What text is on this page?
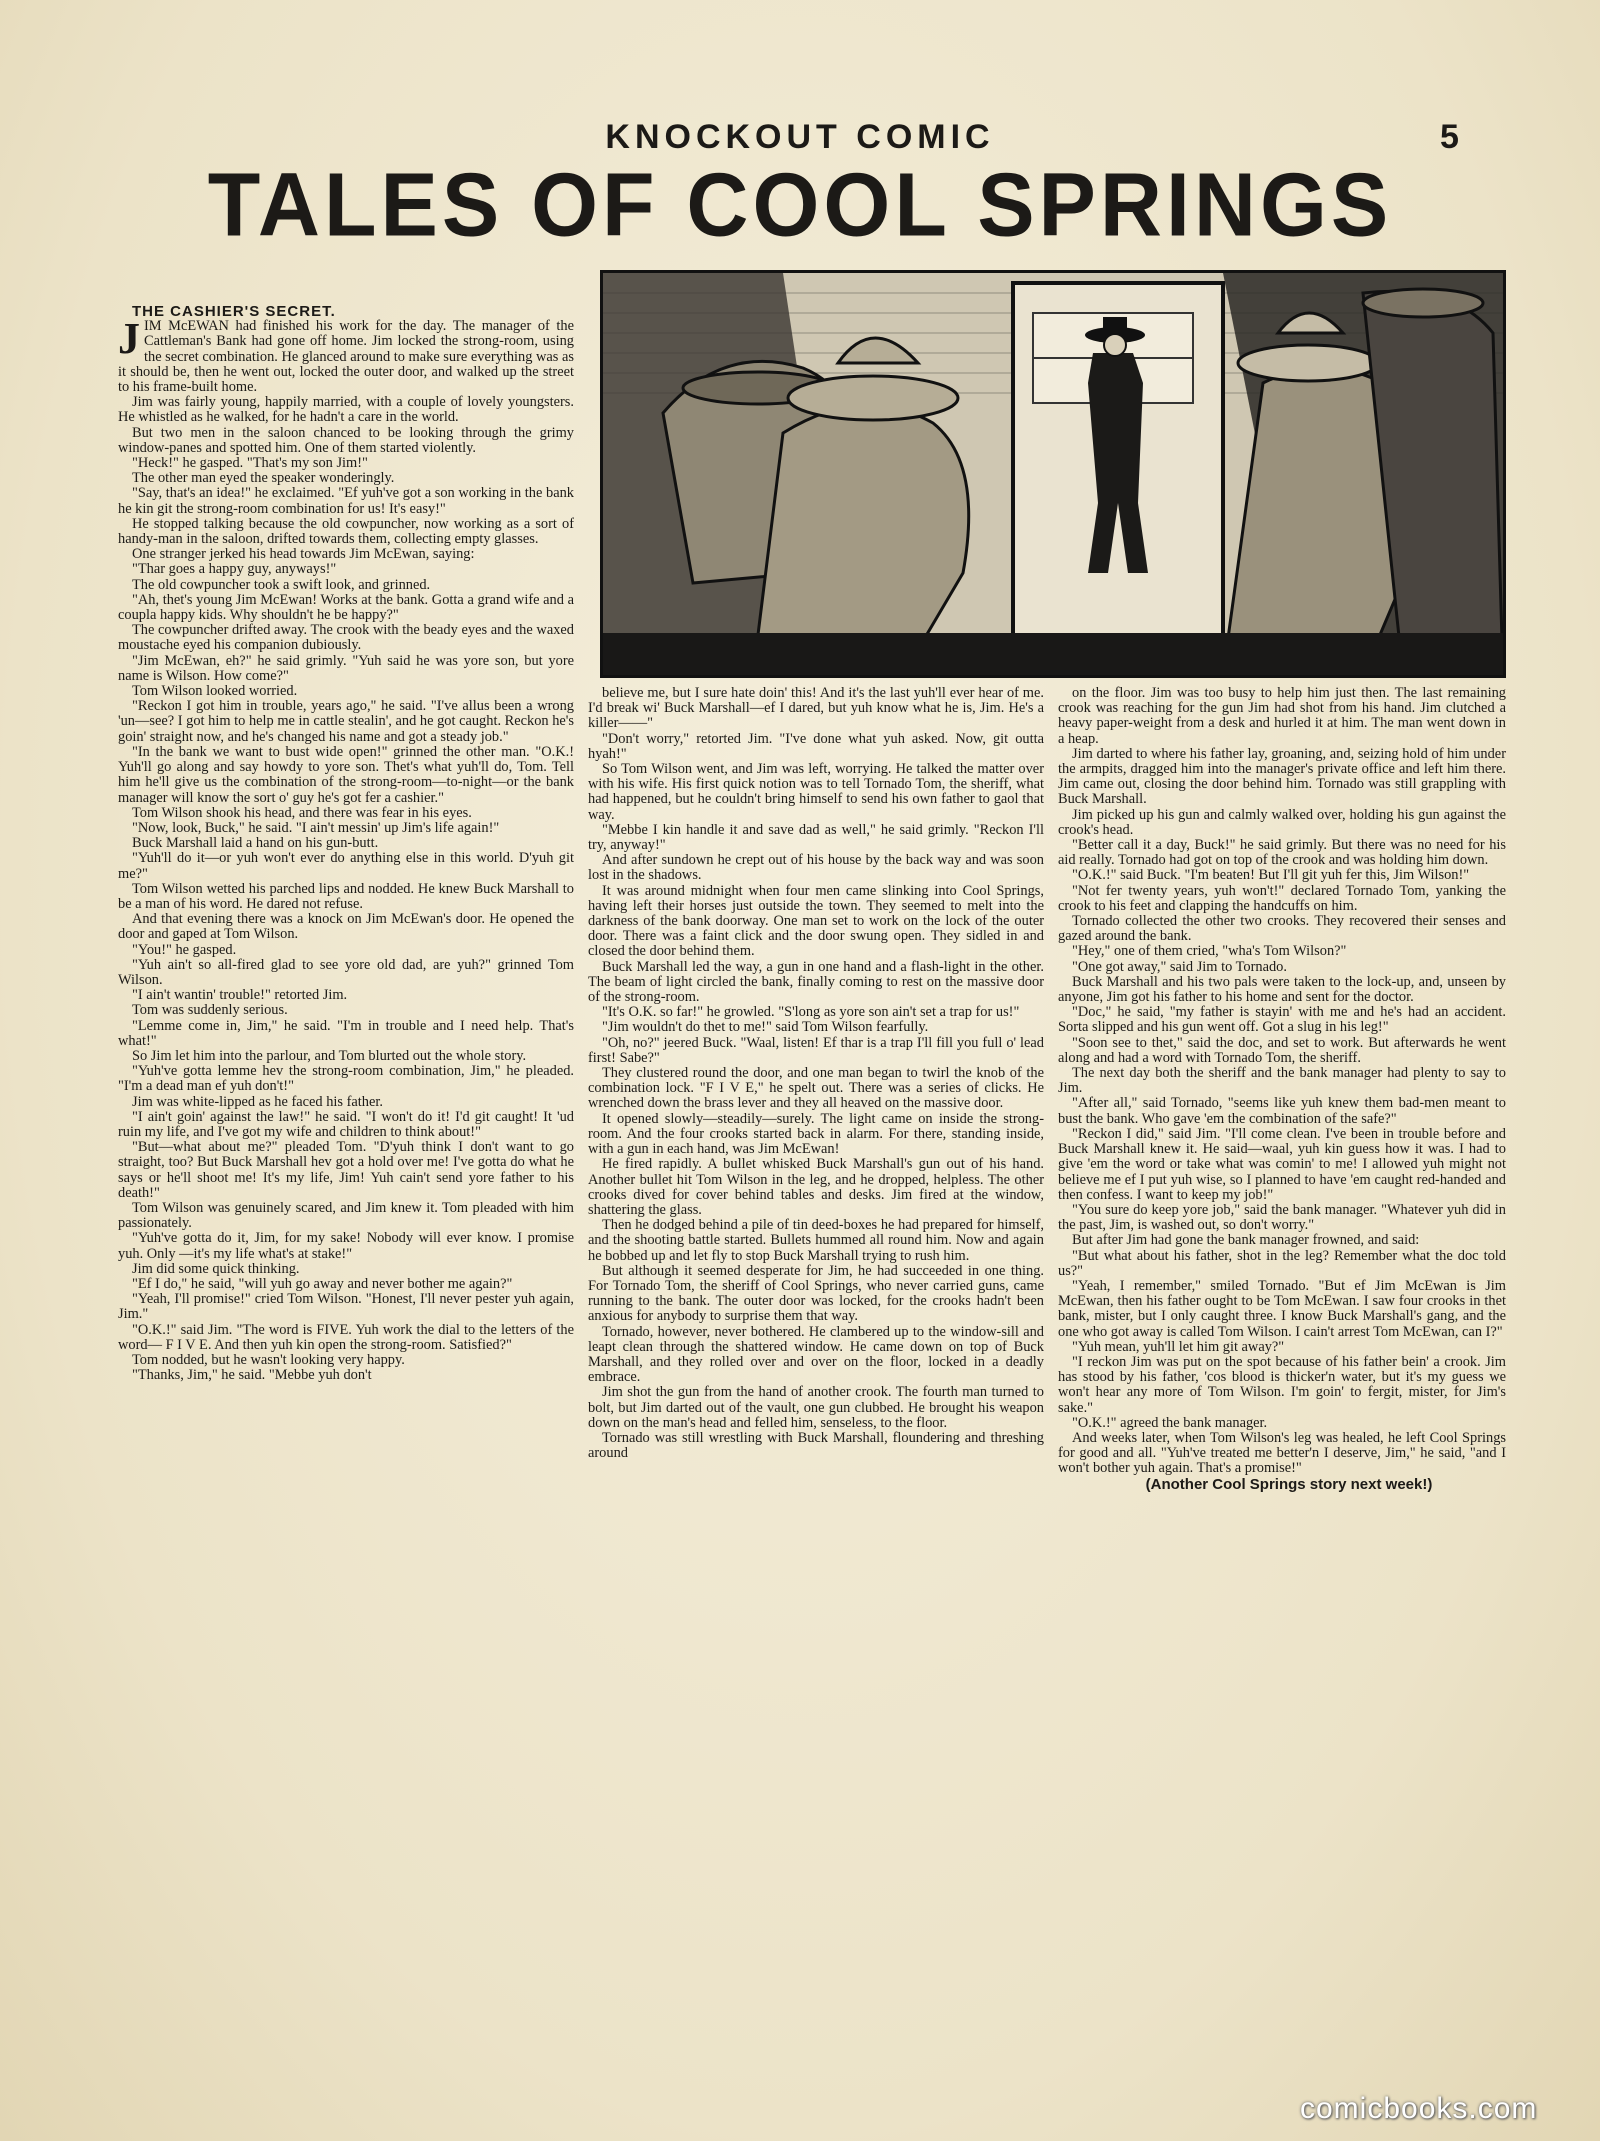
KNOCKOUT COMIC	5
TALES OF COOL SPRINGS

THE CASHIER'S SECRET.

JIM McEWAN had finished his work for the day. The manager of the Cattleman's Bank had gone off home. Jim locked the strong-room, using the secret combination. He glanced around to make sure everything was as it should be, then he went out, locked the outer door, and walked up the street to his frame-built home.

Jim was fairly young, happily married, with a couple of lovely youngsters. He whistled as he walked, for he hadn't a care in the world.

But two men in the saloon chanced to be looking through the grimy window-panes and spotted him. One of them started violently.

"Heck!" he gasped. "That's my son Jim!"

The other man eyed the speaker wonderingly.

"Say, that's an idea!" he exclaimed. "Ef yuh've got a son working in the bank he kin git the strong-room combination for us! It's easy!"

He stopped talking because the old cowpuncher, now working as a sort of handy-man in the saloon, drifted towards them, collecting empty glasses.

One stranger jerked his head towards Jim McEwan, saying:

"Thar goes a happy guy, anyways!"

The old cowpuncher took a swift look, and grinned.

"Ah, thet's young Jim McEwan! Works at the bank. Gotta a grand wife and a coupla happy kids. Why shouldn't he be happy?"

The cowpuncher drifted away. The crook with the beady eyes and the waxed moustache eyed his companion dubiously.

"Jim McEwan, eh?" he said grimly. "Yuh said he was yore son, but yore name is Wilson. How come?"

Tom Wilson looked worried.

"Reckon I got him in trouble, years ago," he said. "I've allus been a wrong 'un—see? I got him to help me in cattle stealin', and he got caught. Reckon he's goin' straight now, and he's changed his name and got a steady job."

"In the bank we want to bust wide open!" grinned the other man. "O.K.! Yuh'll go along and say howdy to yore son. Thet's what yuh'll do, Tom. Tell him he'll give us the combination of the strong-room—to-night—or the bank manager will know the sort o' guy he's got fer a cashier."

Tom Wilson shook his head, and there was fear in his eyes.

"Now, look, Buck," he said. "I ain't messin' up Jim's life again!"

Buck Marshall laid a hand on his gun-butt.

"Yuh'll do it—or yuh won't ever do anything else in this world. D'yuh git me?"

Tom Wilson wetted his parched lips and nodded. He knew Buck Marshall to be a man of his word. He dared not refuse.

And that evening there was a knock on Jim McEwan's door. He opened the door and gaped at Tom Wilson.

"You!" he gasped.

"Yuh ain't so all-fired glad to see yore old dad, are yuh?" grinned Tom Wilson.

"I ain't wantin' trouble!" retorted Jim.

Tom was suddenly serious.

"Lemme come in, Jim," he said. "I'm in trouble and I need help. That's what!"

So Jim let him into the parlour, and Tom blurted out the whole story.

"Yuh've gotta lemme hev the strong-room combination, Jim," he pleaded. "I'm a dead man ef yuh don't!"

Jim was white-lipped as he faced his father.

"I ain't goin' against the law!" he said. "I won't do it! I'd git caught! It 'ud ruin my life, and I've got my wife and children to think about!"

"But—what about me?" pleaded Tom. "D'yuh think I don't want to go straight, too? But Buck Marshall hev got a hold over me! I've gotta do what he says or he'll shoot me! It's my life, Jim! Yuh cain't send yore father to his death!"

Tom Wilson was genuinely scared, and Jim knew it. Tom pleaded with him passionately.

"Yuh've gotta do it, Jim, for my sake! Nobody will ever know. I promise yuh. Only —it's my life what's at stake!"

Jim did some quick thinking.

"Ef I do," he said, "will yuh go away and never bother me again?"

"Yeah, I'll promise!" cried Tom Wilson. "Honest, I'll never pester yuh again, Jim."

"O.K.!" said Jim. "The word is FIVE. Yuh work the dial to the letters of the word— F I V E. And then yuh kin open the strong-room. Satisfied?"

Tom nodded, but he wasn't looking very happy.

"Thanks, Jim," he said. "Mebbe yuh don't

believe me, but I sure hate doin' this! And it's the last yuh'll ever hear of me. I'd break wi' Buck Marshall—ef I dared, but yuh know what he is, Jim. He's a killer——"

"Don't worry," retorted Jim. "I've done what yuh asked. Now, git outta hyah!"

So Tom Wilson went, and Jim was left, worrying. He talked the matter over with his wife. His first quick notion was to tell Tornado Tom, the sheriff, what had happened, but he couldn't bring himself to send his own father to gaol that way.

"Mebbe I kin handle it and save dad as well," he said grimly. "Reckon I'll try, anyway!"

And after sundown he crept out of his house by the back way and was soon lost in the shadows.

It was around midnight when four men came slinking into Cool Springs, having left their horses just outside the town. They seemed to melt into the darkness of the bank doorway. One man set to work on the lock of the outer door. There was a faint click and the door swung open. They sidled in and closed the door behind them.

Buck Marshall led the way, a gun in one hand and a flash-light in the other. The beam of light circled the bank, finally coming to rest on the massive door of the strong-room.

"It's O.K. so far!" he growled. "S'long as yore son ain't set a trap for us!"

"Jim wouldn't do thet to me!" said Tom Wilson fearfully.

"Oh, no?" jeered Buck. "Waal, listen! Ef thar is a trap I'll fill you full o' lead first! Sabe?"

They clustered round the door, and one man began to twirl the knob of the combination lock. "F I V E," he spelt out. There was a series of clicks. He wrenched down the brass lever and they all heaved on the massive door.

It opened slowly—steadily—surely. The light came on inside the strong-room. And the four crooks started back in alarm. For there, standing inside, with a gun in each hand, was Jim McEwan!

He fired rapidly. A bullet whisked Buck Marshall's gun out of his hand. Another bullet hit Tom Wilson in the leg, and he dropped, helpless. The other crooks dived for cover behind tables and desks. Jim fired at the window, shattering the glass.

Then he dodged behind a pile of tin deed-boxes he had prepared for himself, and the shooting battle started. Bullets hummed all round him. Now and again he bobbed up and let fly to stop Buck Marshall trying to rush him.

But although it seemed desperate for Jim, he had succeeded in one thing. For Tornado Tom, the sheriff of Cool Springs, who never carried guns, came running to the bank. The outer door was locked, for the crooks hadn't been anxious for anybody to surprise them that way.

Tornado, however, never bothered. He clambered up to the window-sill and leapt clean through the shattered window. He came down on top of Buck Marshall, and they rolled over and over on the floor, locked in a deadly embrace.

Jim shot the gun from the hand of another crook. The fourth man turned to bolt, but Jim darted out of the vault, one gun clubbed. He brought his weapon down on the man's head and felled him, senseless, to the floor.

Tornado was still wrestling with Buck Marshall, floundering and threshing around

on the floor. Jim was too busy to help him just then. The last remaining crook was reaching for the gun Jim had shot from his hand. Jim clutched a heavy paper-weight from a desk and hurled it at him. The man went down in a heap.

Jim darted to where his father lay, groaning, and, seizing hold of him under the armpits, dragged him into the manager's private office and left him there. Jim came out, closing the door behind him. Tornado was still grappling with Buck Marshall.

Jim picked up his gun and calmly walked over, holding his gun against the crook's head.

"Better call it a day, Buck!" he said grimly. But there was no need for his aid really. Tornado had got on top of the crook and was holding him down.

"O.K.!" said Buck. "I'm beaten! But I'll git yuh fer this, Jim Wilson!"

"Not fer twenty years, yuh won't!" declared Tornado Tom, yanking the crook to his feet and clapping the handcuffs on him.

Tornado collected the other two crooks. They recovered their senses and gazed around the bank.

"Hey," one of them cried, "wha's Tom Wilson?"

"One got away," said Jim to Tornado.

Buck Marshall and his two pals were taken to the lock-up, and, unseen by anyone, Jim got his father to his home and sent for the doctor.

"Doc," he said, "my father is stayin' with me and he's had an accident. Sorta slipped and his gun went off. Got a slug in his leg!"

"Soon see to thet," said the doc, and set to work. But afterwards he went along and had a word with Tornado Tom, the sheriff.

The next day both the sheriff and the bank manager had plenty to say to Jim.

"After all," said Tornado, "seems like yuh knew them bad-men meant to bust the bank. Who gave 'em the combination of the safe?"

"Reckon I did," said Jim. "I'll come clean. I've been in trouble before and Buck Marshall knew it. He said—waal, yuh kin guess how it was. I had to give 'em the word or take what was comin' to me! I allowed yuh might not believe me ef I put yuh wise, so I planned to have 'em caught red-handed and then confess. I want to keep my job!"

"You sure do keep yore job," said the bank manager. "Whatever yuh did in the past, Jim, is washed out, so don't worry."

But after Jim had gone the bank manager frowned, and said:

"But what about his father, shot in the leg? Remember what the doc told us?"

"Yeah, I remember," smiled Tornado. "But ef Jim McEwan is Jim McEwan, then his father ought to be Tom McEwan. I saw four crooks in thet bank, mister, but I only caught three. I know Buck Marshall's gang, and the one who got away is called Tom Wilson. I cain't arrest Tom McEwan, can I?"

"Yuh mean, yuh'll let him git away?"

"I reckon Jim was put on the spot because of his father bein' a crook. Jim has stood by his father, 'cos blood is thicker'n water, but it's my guess we won't hear any more of Tom Wilson. I'm goin' to fergit, mister, for Jim's sake."

"O.K.!" agreed the bank manager.

And weeks later, when Tom Wilson's leg was healed, he left Cool Springs for good and all. "Yuh've treated me better'n I deserve, Jim," he said, "and I won't bother yuh again. That's a promise!"

(Another Cool Springs story next week!)

comicbooks.com
